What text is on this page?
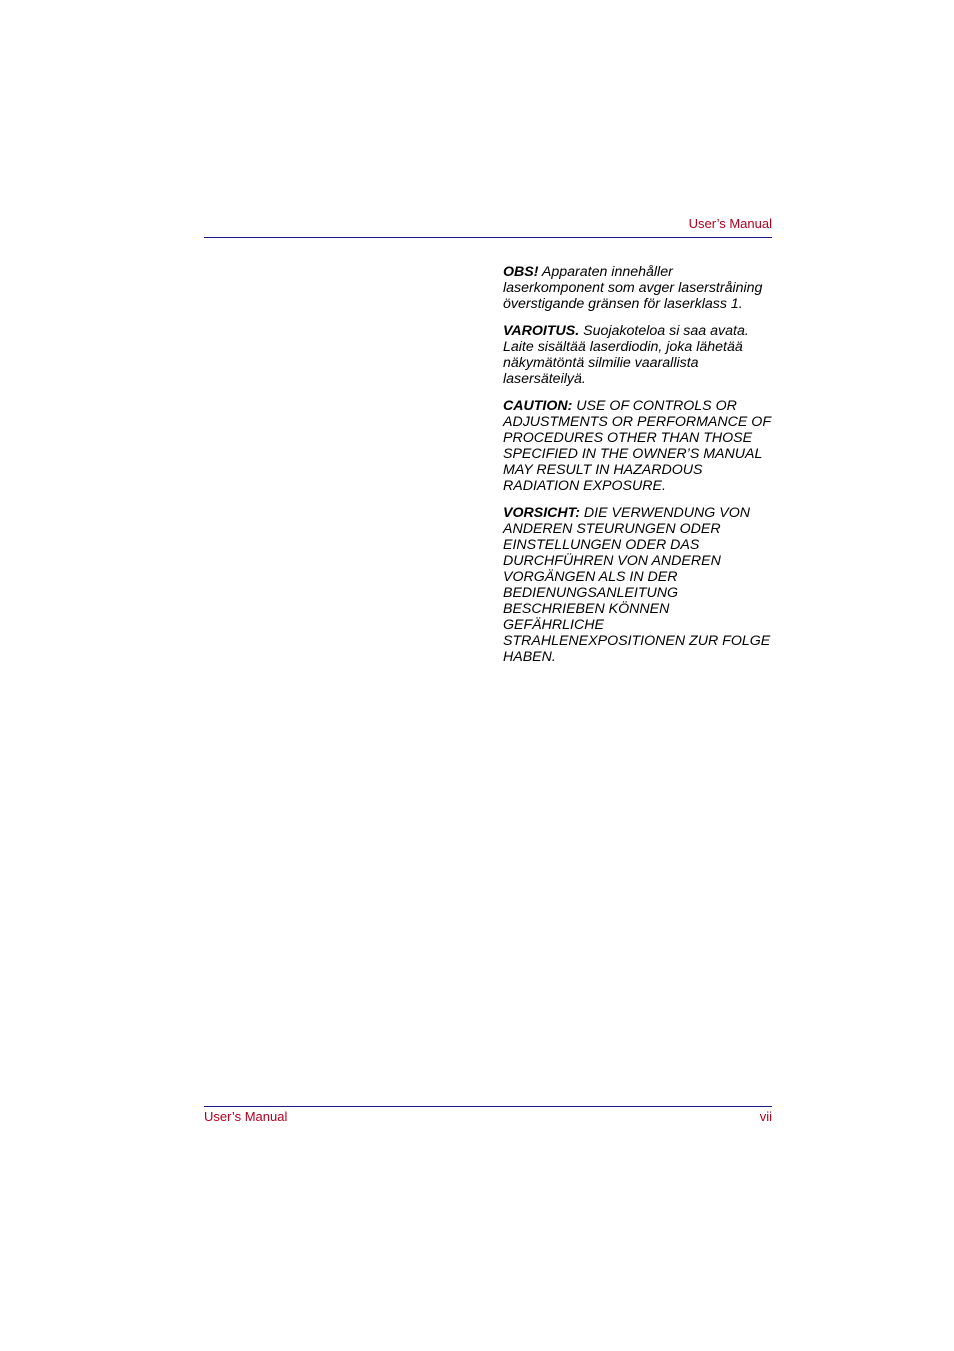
User’s Manual

OBS! Apparaten innehåller laserkomponent som avger laserstråining överstigande gränsen för laserklass 1.

VAROITUS. Suojakoteloa si saa avata. Laite sisältää laserdiodin, joka lähetää näkymätöntä silmilie vaarallista lasersäteilyä.

CAUTION: USE OF CONTROLS OR ADJUSTMENTS OR PERFORMANCE OF PROCEDURES OTHER THAN THOSE SPECIFIED IN THE OWNER’S MANUAL MAY RESULT IN HAZARDOUS RADIATION EXPOSURE.

VORSICHT: DIE VERWENDUNG VON ANDEREN STEURUNGEN ODER EINSTELLUNGEN ODER DAS DURCHFÜHREN VON ANDEREN VORGÄNGEN ALS IN DER BEDIENUNGSANLEITUNG BESCHRIEBEN KÖNNEN GEFÄHRLICHE STRAHLENEXPOSITIONEN ZUR FOLGE HABEN.

User’s Manual	vii
